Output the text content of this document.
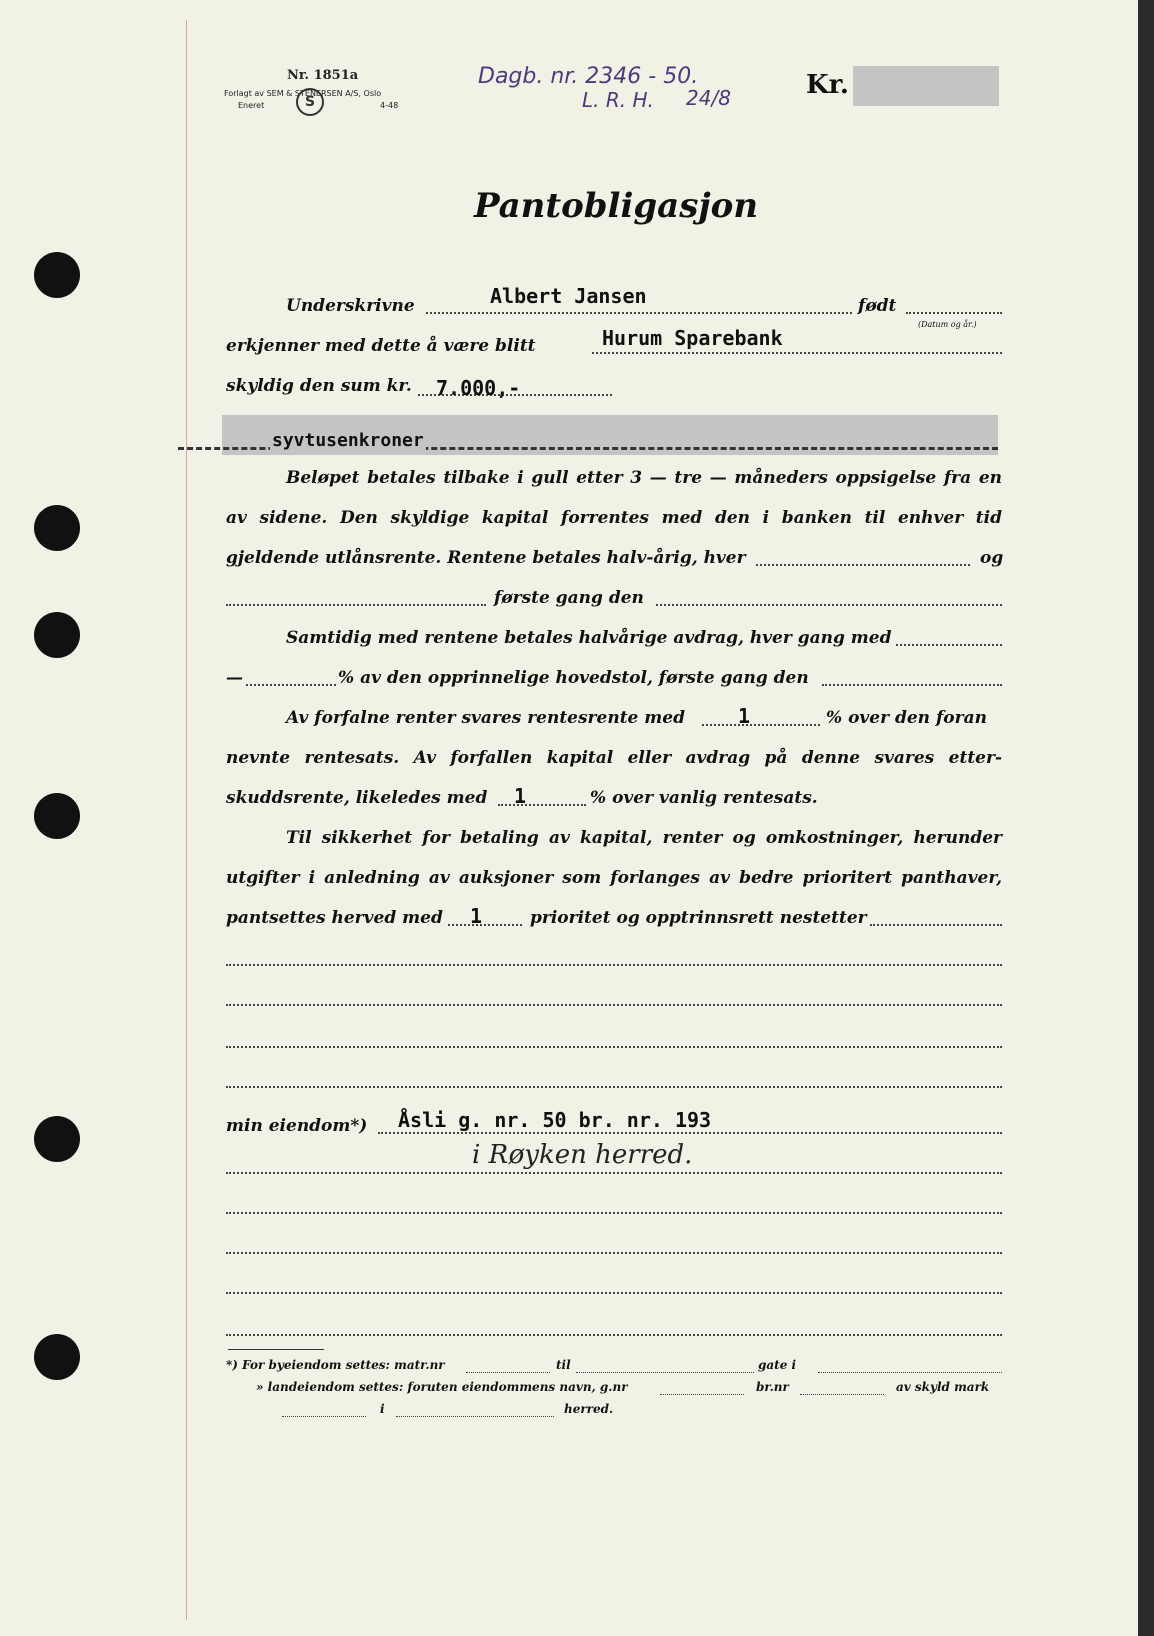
Nr. 1851a
Forlagt av SEM & STENERSEN A/S, Oslo
Eneret	4-48
S
Dagb. nr. 2346 - 50.
L. R. H. 24/8	Kr.
Pantobligasjon
Underskrivne	Albert Jansen	født
(Datum og år.)
erkjenner med dette å være blitt	Hurum Sparebank
skyldig den sum kr. 7.000,-
syvtusenkroner
Beløpet betales tilbake i gull etter 3 — tre — måneders oppsigelse fra en
av sidene. Den skyldige kapital forrentes med den i banken til enhver tid
gjeldende utlånsrente. Rentene betales halv-årig, hver	og
første gang den
Samtidig med rentene betales halvårige avdrag, hver gang med
—	% av den opprinnelige hovedstol, første gang den
Av forfalne renter svares rentesrente med	1	% over den foran
nevnte rentesats. Av forfallen kapital eller avdrag på denne svares etter-
skuddsrente, likeledes med 1	% over vanlig rentesats.
Til sikkerhet for betaling av kapital, renter og omkostninger, herunder
utgifter i anledning av auksjoner som forlanges av bedre prioritert panthaver,
pantsettes herved med 1	prioritet og opptrinnsrett nestetter
min eiendom*) Åsli g. nr. 50 br. nr. 193
i Røyken herred.
*) For byeiendom settes: matr.nr	til	gate i
» landeiendom settes: foruten eiendommens navn, g.nr	br.nr	av skyld mark
i	herred.
